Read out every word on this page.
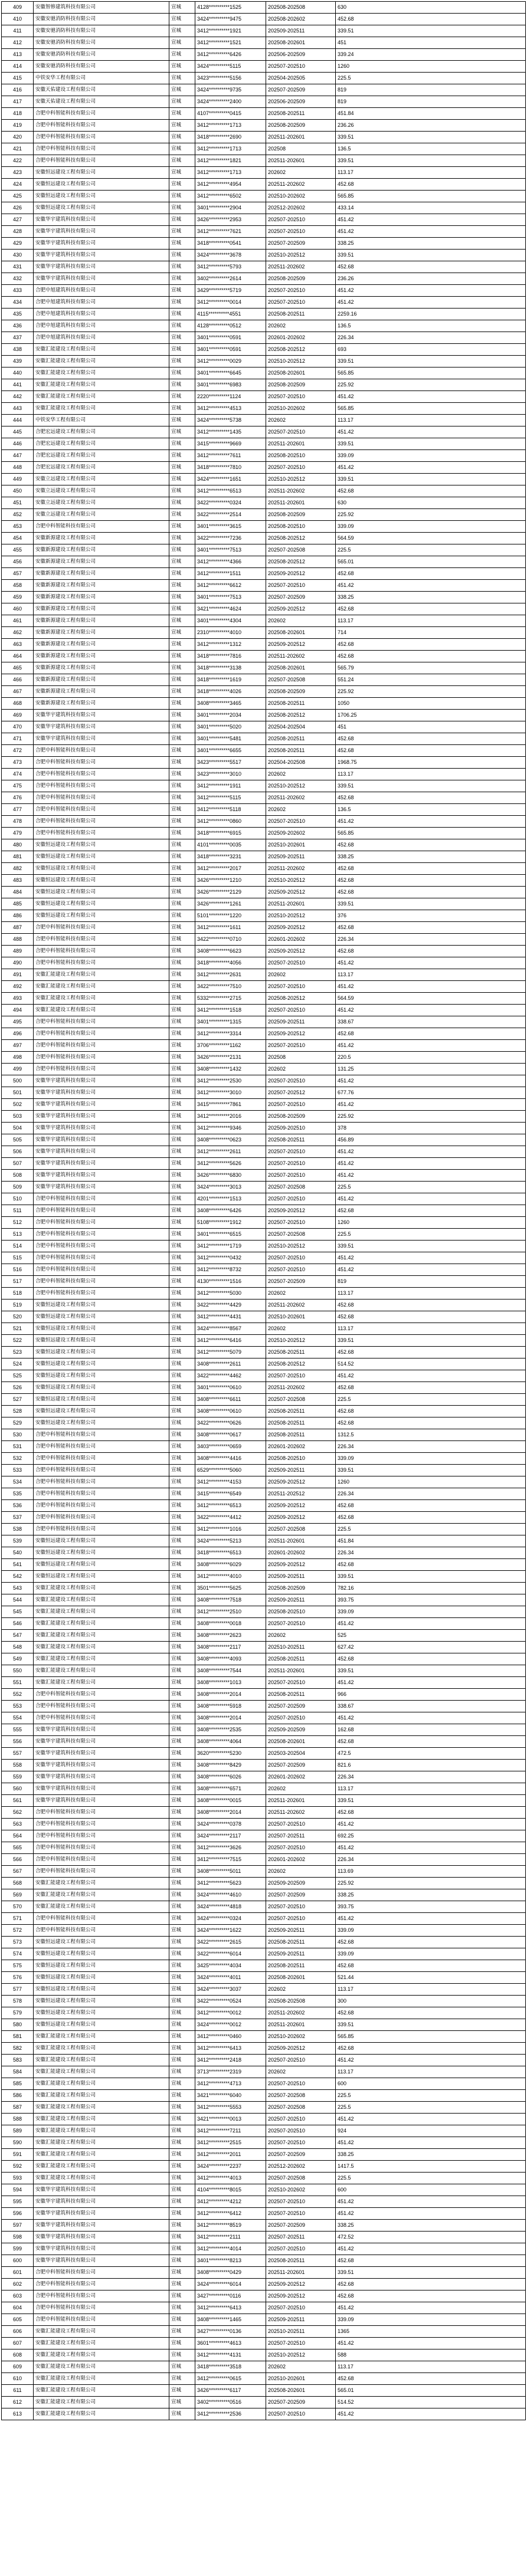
409	安徽智修建筑科技有限公司	宣城	4128**********1525	202508-202508	630
410	安徽安驰消防科技有限公司	宣城	3424**********9475	202508-202602	452.68
411	安徽安驰消防科技有限公司	宣城	3412**********1921	202509-202511	339.51
412	安徽安驰消防科技有限公司	宣城	3412**********1521	202508-202601	451
413	安徽安驰消防科技有限公司	宣城	3412**********6426	202506-202509	339.24
414	安徽安驰消防科技有限公司	宣城	3424**********5115	202507-202510	1260
415	中铁安华工程有限公司	宣城	3423**********5156	202504-202505	225.5
416	安徽天佑建设工程有限公司	宣城	3424**********9735	202507-202509	819
417	安徽天佑建设工程有限公司	宣城	3424**********2400	202506-202509	819
418	合肥中科智能科技有限公司	宣城	4107**********0415	202508-202511	451.84
419	合肥中科智能科技有限公司	宣城	3412**********1713	202508-202509	236.26
420	合肥中科智能科技有限公司	宣城	3418**********2690	202511-202601	339.51
421	合肥中科智能科技有限公司	宣城	3412**********1713	202508	136.5
422	合肥中科智能科技有限公司	宣城	3412**********1821	202511-202601	339.51
423	安徽恒远建设工程有限公司	宣城	3412**********1713	202602	113.17
424	安徽恒远建设工程有限公司	宣城	3412**********4954	202511-202602	452.68
425	安徽恒远建设工程有限公司	宣城	3412**********6502	202510-202602	565.85
426	安徽恒远建设工程有限公司	宣城	3401**********2904	202512-202602	433.14
427	安徽华宇建筑科技有限公司	宣城	3426**********2953	202507-202510	451.42
428	安徽华宇建筑科技有限公司	宣城	3412**********7621	202507-202510	451.42
429	安徽华宇建筑科技有限公司	宣城	3418**********0541	202507-202509	338.25
430	安徽华宇建筑科技有限公司	宣城	3424**********3678	202510-202512	339.51
431	安徽华宇建筑科技有限公司	宣城	3412**********5793	202511-202602	452.68
432	安徽华宇建筑科技有限公司	宣城	3402**********2614	202508-202509	236.26
433	合肥中旭建筑科技有限公司	宣城	3429**********5719	202507-202510	451.42
434	合肥中旭建筑科技有限公司	宣城	3412**********0014	202507-202510	451.42
435	合肥中旭建筑科技有限公司	宣城	4115**********4551	202508-202511	2259.16
436	合肥中旭建筑科技有限公司	宣城	4128**********0512	202602	136.5
437	合肥中旭建筑科技有限公司	宣城	3401**********0591	202601-202602	226.34
438	安徽汇能建设工程有限公司	宣城	3401**********0591	202508-202512	693
439	安徽汇能建设工程有限公司	宣城	3412**********0029	202510-202512	339.51
440	安徽汇能建设工程有限公司	宣城	3401**********6645	202508-202601	565.85
441	安徽汇能建设工程有限公司	宣城	3401**********6983	202508-202509	225.92
442	安徽汇能建设工程有限公司	宣城	2220**********1124	202507-202510	451.42
443	安徽汇能建设工程有限公司	宣城	3412**********4513	202510-202602	565.85
444	中铁安华工程有限公司	宣城	3424**********5738	202602	113.17
445	合肥宏远建设工程有限公司	宣城	3412**********1435	202507-202510	451.42
446	合肥宏远建设工程有限公司	宣城	3415**********9669	202511-202601	339.51
447	合肥宏远建设工程有限公司	宣城	3412**********7611	202508-202510	339.09
448	合肥宏远建设工程有限公司	宣城	3418**********7810	202507-202510	451.42
449	安徽立远建设工程有限公司	宣城	3424**********1651	202510-202512	339.51
450	安徽立远建设工程有限公司	宣城	3412**********6513	202511-202602	452.68
451	安徽立远建设工程有限公司	宣城	3422**********0324	202511-202601	630
452	安徽立远建设工程有限公司	宣城	3422**********2514	202508-202509	225.92
453	合肥中科智能科技有限公司	宣城	3401**********3615	202508-202510	339.09
454	安徽新源建设工程有限公司	宣城	3422**********7236	202508-202512	564.59
455	安徽新源建设工程有限公司	宣城	3401**********7513	202507-202508	225.5
456	安徽新源建设工程有限公司	宣城	3412**********4366	202508-202512	565.01
457	安徽新源建设工程有限公司	宣城	3412**********1511	202509-202512	452.68
458	安徽新源建设工程有限公司	宣城	3412**********6612	202507-202510	451.42
459	安徽新源建设工程有限公司	宣城	3401**********7513	202507-202509	338.25
460	安徽新源建设工程有限公司	宣城	3421**********4624	202509-202512	452.68
461	安徽新源建设工程有限公司	宣城	3401**********4304	202602	113.17
462	安徽新源建设工程有限公司	宣城	2310**********4010	202508-202601	714
463	安徽新源建设工程有限公司	宣城	3412**********1312	202509-202512	452.68
464	安徽新源建设工程有限公司	宣城	3418**********7816	202511-202602	452.68
465	安徽新源建设工程有限公司	宣城	3418**********3138	202508-202601	565.79
466	安徽新源建设工程有限公司	宣城	3418**********1619	202507-202508	551.24
467	安徽新源建设工程有限公司	宣城	3418**********4026	202508-202509	225.92
468	安徽新源建设工程有限公司	宣城	3408**********3465	202508-202511	1050
469	安徽华宇建筑科技有限公司	宣城	3401**********2034	202508-202512	1706.25
470	安徽华宇建筑科技有限公司	宣城	3401**********5020	202504-202504	451
471	安徽华宇建筑科技有限公司	宣城	3401**********5481	202508-202511	452.68
472	合肥中科智能科技有限公司	宣城	3401**********6655	202508-202511	452.68
473	合肥中科智能科技有限公司	宣城	3423**********5517	202504-202508	1968.75
474	合肥中科智能科技有限公司	宣城	3423**********3010	202602	113.17
475	合肥中科智能科技有限公司	宣城	3412**********1911	202510-202512	339.51
476	合肥中科智能科技有限公司	宣城	3412**********5115	202511-202602	452.68
477	合肥中科智能科技有限公司	宣城	3412**********5118	202602	136.5
478	合肥中科智能科技有限公司	宣城	3412**********0860	202507-202510	451.42
479	合肥中科智能科技有限公司	宣城	3418**********6915	202509-202602	565.85
480	安徽恒远建设工程有限公司	宣城	4101**********0035	202510-202601	452.68
481	安徽恒远建设工程有限公司	宣城	3418**********3231	202509-202511	338.25
482	安徽恒远建设工程有限公司	宣城	3412**********2017	202511-202602	452.68
483	安徽恒远建设工程有限公司	宣城	3426**********1210	202510-202512	452.68
484	安徽恒远建设工程有限公司	宣城	3426**********2129	202509-202512	452.68
485	安徽恒远建设工程有限公司	宣城	3426**********1261	202511-202601	339.51
486	安徽恒远建设工程有限公司	宣城	5101**********1220	202510-202512	376
487	合肥中科智能科技有限公司	宣城	3412**********1611	202509-202512	452.68
488	合肥中科智能科技有限公司	宣城	3422**********0710	202601-202602	226.34
489	合肥中科智能科技有限公司	宣城	3408**********6623	202509-202512	452.68
490	合肥中科智能科技有限公司	宣城	3418**********4056	202507-202510	451.42
491	安徽汇能建设工程有限公司	宣城	3412**********2631	202602	113.17
492	安徽汇能建设工程有限公司	宣城	3422**********7510	202507-202510	451.42
493	安徽汇能建设工程有限公司	宣城	5332**********2715	202508-202512	564.59
494	安徽汇能建设工程有限公司	宣城	3412**********1518	202507-202510	451.42
495	合肥中科智能科技有限公司	宣城	3401**********1315	202509-202511	338.67
496	合肥中科智能科技有限公司	宣城	3412**********3314	202509-202512	452.68
497	合肥中科智能科技有限公司	宣城	3706**********1162	202507-202510	451.42
498	合肥中科智能科技有限公司	宣城	3426**********2131	202508	220.5
499	合肥中科智能科技有限公司	宣城	3408**********1432	202602	131.25
500	安徽华宇建筑科技有限公司	宣城	3412**********2530	202507-202510	451.42
501	安徽华宇建筑科技有限公司	宣城	3412**********3010	202507-202512	677.76
502	安徽华宇建筑科技有限公司	宣城	3415**********7861	202507-202510	451.42
503	安徽华宇建筑科技有限公司	宣城	3412**********2016	202508-202509	225.92
504	安徽华宇建筑科技有限公司	宣城	3412**********9346	202509-202510	378
505	安徽华宇建筑科技有限公司	宣城	3408**********0623	202508-202511	456.89
506	安徽华宇建筑科技有限公司	宣城	3412**********2611	202507-202510	451.42
507	安徽华宇建筑科技有限公司	宣城	3412**********5626	202507-202510	451.42
508	安徽华宇建筑科技有限公司	宣城	3426**********6830	202507-202510	451.42
509	安徽华宇建筑科技有限公司	宣城	3424**********3013	202507-202508	225.5
510	合肥中科智能科技有限公司	宣城	4201**********1513	202507-202510	451.42
511	合肥中科智能科技有限公司	宣城	3408**********6426	202509-202512	452.68
512	合肥中科智能科技有限公司	宣城	5108**********1912	202507-202510	1260
513	合肥中科智能科技有限公司	宣城	3401**********6515	202507-202508	225.5
514	合肥中科智能科技有限公司	宣城	3412**********1719	202510-202512	339.51
515	合肥中科智能科技有限公司	宣城	3412**********0432	202507-202510	451.42
516	合肥中科智能科技有限公司	宣城	3412**********8732	202507-202510	451.42
517	合肥中科智能科技有限公司	宣城	4130**********1516	202507-202509	819
518	合肥中科智能科技有限公司	宣城	3412**********5030	202602	113.17
519	安徽恒远建设工程有限公司	宣城	3422**********4429	202511-202602	452.68
520	安徽恒远建设工程有限公司	宣城	3412**********4431	202510-202601	452.68
521	安徽恒远建设工程有限公司	宣城	3424**********8567	202602	113.17
522	安徽恒远建设工程有限公司	宣城	3412**********6416	202510-202512	339.51
523	安徽恒远建设工程有限公司	宣城	3412**********5079	202508-202511	452.68
524	安徽恒远建设工程有限公司	宣城	3408**********2611	202508-202512	514.52
525	安徽恒远建设工程有限公司	宣城	3422**********4462	202507-202510	451.42
526	安徽恒远建设工程有限公司	宣城	3401**********0610	202511-202602	452.68
527	安徽恒远建设工程有限公司	宣城	3408**********6611	202507-202508	225.5
528	安徽恒远建设工程有限公司	宣城	3408**********0610	202508-202511	452.68
529	安徽恒远建设工程有限公司	宣城	3422**********0626	202508-202511	452.68
530	合肥中科智能科技有限公司	宣城	3408**********0617	202508-202511	1312.5
531	合肥中科智能科技有限公司	宣城	3403**********0659	202601-202602	226.34
532	合肥中科智能科技有限公司	宣城	3408**********4416	202508-202510	339.09
533	合肥中科智能科技有限公司	宣城	6529**********5060	202509-202511	339.51
534	合肥中科智能科技有限公司	宣城	3412**********4153	202509-202512	1260
535	合肥中科智能科技有限公司	宣城	3415**********6549	202511-202512	226.34
536	合肥中科智能科技有限公司	宣城	3412**********6513	202509-202512	452.68
537	合肥中科智能科技有限公司	宣城	3422**********4412	202509-202512	452.68
538	合肥中科智能科技有限公司	宣城	3412**********1016	202507-202508	225.5
539	安徽恒远建设工程有限公司	宣城	3424**********5213	202511-202601	451.84
540	安徽恒远建设工程有限公司	宣城	3418**********6513	202601-202602	226.34
541	安徽恒远建设工程有限公司	宣城	3408**********6029	202509-202512	452.68
542	安徽恒远建设工程有限公司	宣城	3412**********4010	202509-202511	339.51
543	安徽汇能建设工程有限公司	宣城	3501**********5625	202508-202509	782.16
544	安徽汇能建设工程有限公司	宣城	3408**********7518	202509-202511	393.75
545	安徽汇能建设工程有限公司	宣城	3412**********2510	202508-202510	339.09
546	安徽汇能建设工程有限公司	宣城	3408**********0018	202507-202510	451.42
547	安徽汇能建设工程有限公司	宣城	3408**********2623	202602	525
548	安徽汇能建设工程有限公司	宣城	3408**********2117	202510-202511	627.42
549	安徽汇能建设工程有限公司	宣城	3408**********4093	202508-202511	452.68
550	安徽汇能建设工程有限公司	宣城	3408**********7544	202511-202601	339.51
551	安徽汇能建设工程有限公司	宣城	3408**********1013	202507-202510	451.42
552	合肥中科智能科技有限公司	宣城	3408**********2014	202508-202511	966
553	合肥中科智能科技有限公司	宣城	3408**********5918	202507-202509	338.67
554	合肥中科智能科技有限公司	宣城	3408**********2014	202507-202510	451.42
555	安徽华宇建筑科技有限公司	宣城	3408**********2535	202509-202509	162.68
556	安徽华宇建筑科技有限公司	宣城	3408**********4064	202508-202601	452.68
557	安徽华宇建筑科技有限公司	宣城	3620**********5230	202503-202504	472.5
558	安徽华宇建筑科技有限公司	宣城	3408**********8429	202507-202509	821.6
559	安徽华宇建筑科技有限公司	宣城	3408**********6026	202601-202602	226.34
560	安徽华宇建筑科技有限公司	宣城	3408**********6571	202602	113.17
561	安徽华宇建筑科技有限公司	宣城	3408**********0015	202511-202601	339.51
562	合肥中科智能科技有限公司	宣城	3408**********2014	202511-202602	452.68
563	合肥中科智能科技有限公司	宣城	3424**********0378	202507-202510	451.42
564	合肥中科智能科技有限公司	宣城	3424**********2117	202507-202511	692.25
565	合肥中科智能科技有限公司	宣城	3412**********3626	202507-202510	451.42
566	合肥中科智能科技有限公司	宣城	3412**********7515	202601-202602	226.34
567	合肥中科智能科技有限公司	宣城	3408**********5011	202602	113.69
568	安徽汇能建设工程有限公司	宣城	3412**********5623	202509-202509	225.92
569	安徽汇能建设工程有限公司	宣城	3424**********4610	202507-202509	338.25
570	安徽汇能建设工程有限公司	宣城	3424**********4818	202507-202510	393.75
571	合肥中科智能科技有限公司	宣城	3424**********0324	202507-202510	451.42
572	合肥中科智能科技有限公司	宣城	3424**********1622	202509-202511	339.09
573	安徽恒远建设工程有限公司	宣城	3422**********2615	202508-202511	452.68
574	安徽恒远建设工程有限公司	宣城	3422**********6014	202509-202511	339.09
575	安徽恒远建设工程有限公司	宣城	3425**********4034	202508-202511	452.68
576	安徽恒远建设工程有限公司	宣城	3424**********4011	202508-202601	521.44
577	安徽恒远建设工程有限公司	宣城	3424**********3037	202602	113.17
578	安徽恒远建设工程有限公司	宣城	3422**********0524	202508-202508	300
579	安徽恒远建设工程有限公司	宣城	3412**********0012	202511-202602	452.68
580	安徽恒远建设工程有限公司	宣城	3424**********0012	202511-202601	339.51
581	安徽汇能建设工程有限公司	宣城	3412**********0460	202510-202602	565.85
582	安徽汇能建设工程有限公司	宣城	3412**********6413	202509-202512	452.68
583	安徽汇能建设工程有限公司	宣城	3412**********2418	202507-202510	451.42
584	安徽汇能建设工程有限公司	宣城	3713**********2319	202602	113.17
585	安徽汇能建设工程有限公司	宣城	3412**********4713	202507-202510	600
586	安徽汇能建设工程有限公司	宣城	3421**********6040	202507-202508	225.5
587	安徽汇能建设工程有限公司	宣城	3412**********5553	202507-202508	225.5
588	安徽汇能建设工程有限公司	宣城	3421**********0013	202507-202510	451.42
589	安徽汇能建设工程有限公司	宣城	3412**********7211	202507-202510	924
590	安徽汇能建设工程有限公司	宣城	3412**********2515	202507-202510	451.42
591	安徽汇能建设工程有限公司	宣城	3412**********2011	202507-202509	338.25
592	安徽汇能建设工程有限公司	宣城	3424**********2237	202512-202602	1417.5
593	安徽汇能建设工程有限公司	宣城	3412**********4013	202507-202508	225.5
594	安徽华宇建筑科技有限公司	宣城	4104**********8015	202510-202602	600
595	安徽华宇建筑科技有限公司	宣城	3412**********4212	202507-202510	451.42
596	安徽华宇建筑科技有限公司	宣城	3412**********6412	202507-202510	451.42
597	安徽华宇建筑科技有限公司	宣城	3412**********8519	202507-202509	338.25
598	安徽华宇建筑科技有限公司	宣城	3412**********2111	202507-202511	472.52
599	安徽华宇建筑科技有限公司	宣城	3412**********4014	202507-202510	451.42
600	安徽华宇建筑科技有限公司	宣城	3401**********8213	202508-202511	452.68
601	合肥中科智能科技有限公司	宣城	3408**********0429	202511-202601	339.51
602	合肥中科智能科技有限公司	宣城	3424**********6014	202509-202512	452.68
603	合肥中科智能科技有限公司	宣城	3427**********0116	202509-202512	452.68
604	合肥中科智能科技有限公司	宣城	3412**********6413	202507-202510	451.42
605	合肥中科智能科技有限公司	宣城	3408**********1465	202509-202511	339.09
606	安徽汇能建设工程有限公司	宣城	3427**********0136	202510-202511	1365
607	安徽汇能建设工程有限公司	宣城	3601**********4613	202507-202510	451.42
608	安徽汇能建设工程有限公司	宣城	3412**********4131	202510-202512	588
609	安徽汇能建设工程有限公司	宣城	3418**********3518	202602	113.17
610	安徽汇能建设工程有限公司	宣城	3412**********0615	202510-202601	452.68
611	安徽汇能建设工程有限公司	宣城	3426**********6117	202508-202601	565.01
612	安徽汇能建设工程有限公司	宣城	3402**********0516	202507-202509	514.52
613	安徽汇能建设工程有限公司	宣城	3412**********2536	202507-202510	451.42
